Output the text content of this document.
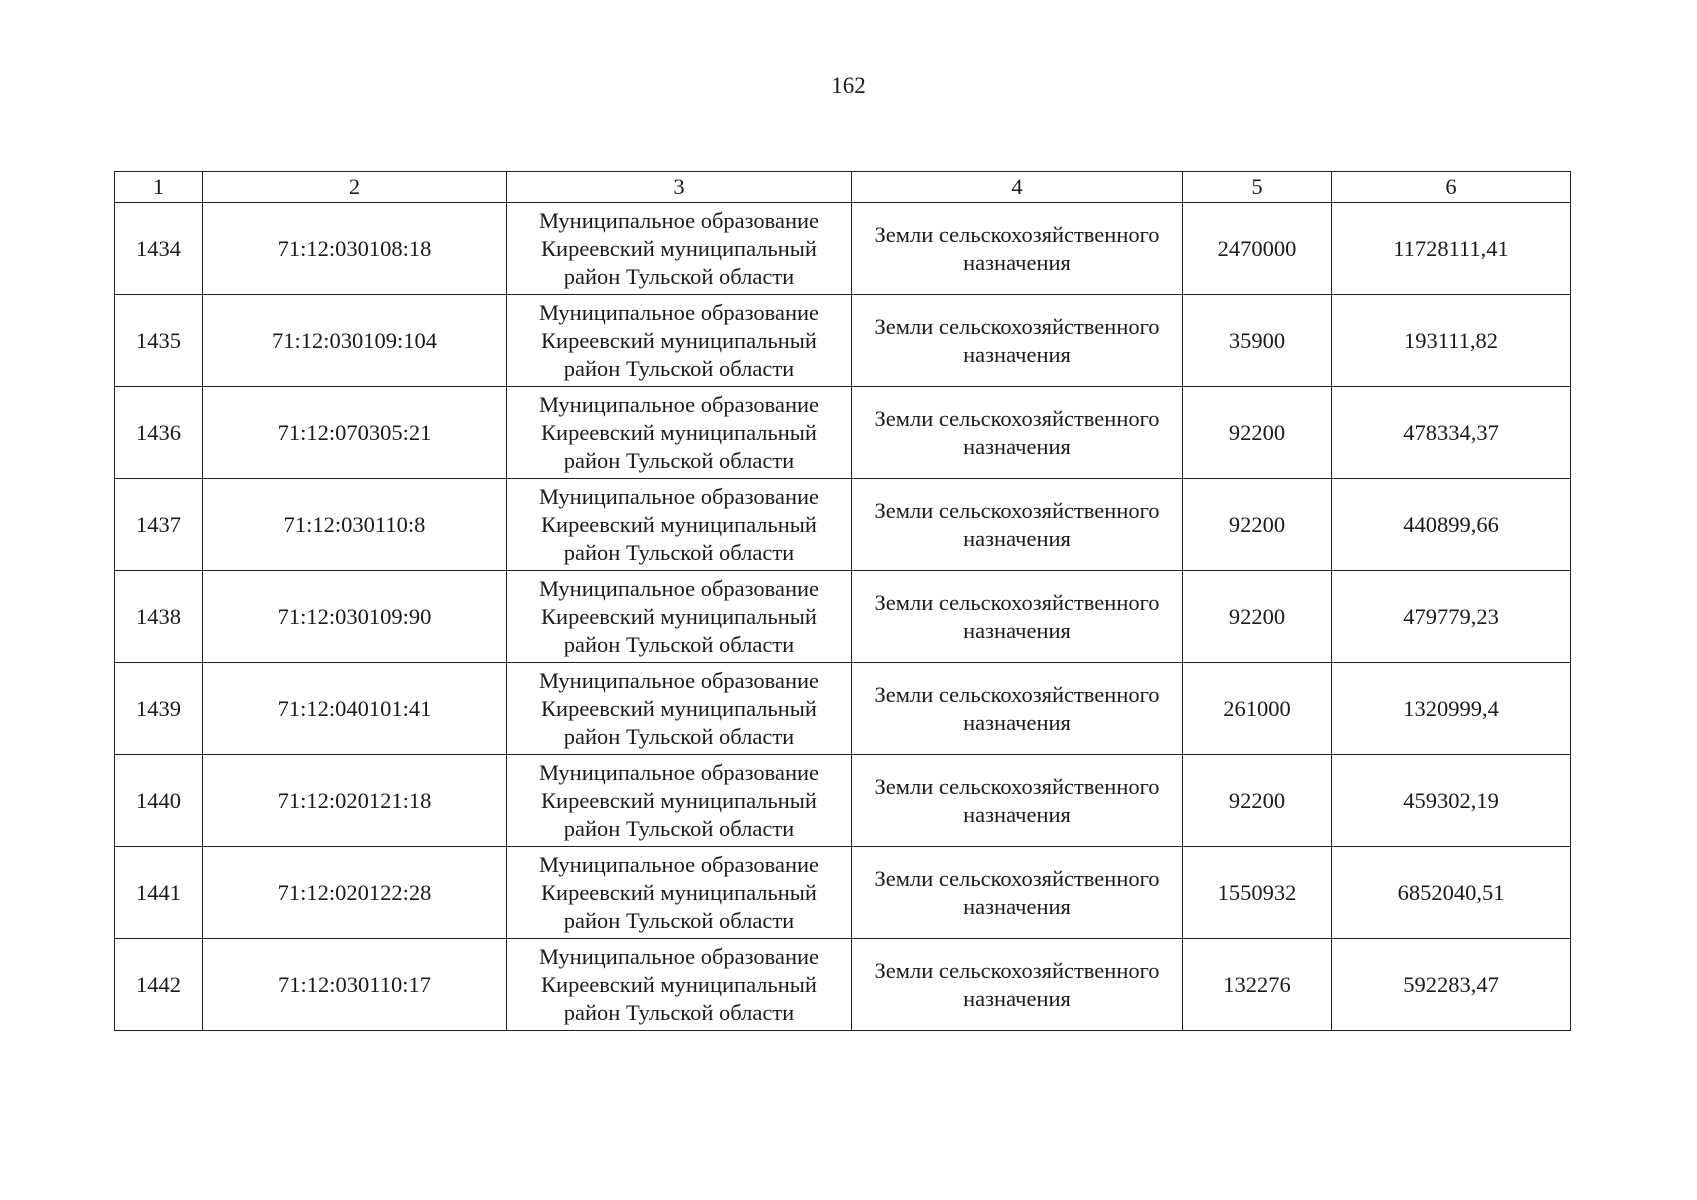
162
1	2	3	4	5	6
1434	71:12:030108:18	Муниципальное образование Киреевский муниципальный район Тульской области	Земли сельскохозяйственного назначения	2470000	11728111,41
1435	71:12:030109:104	Муниципальное образование Киреевский муниципальный район Тульской области	Земли сельскохозяйственного назначения	35900	193111,82
1436	71:12:070305:21	Муниципальное образование Киреевский муниципальный район Тульской области	Земли сельскохозяйственного назначения	92200	478334,37
1437	71:12:030110:8	Муниципальное образование Киреевский муниципальный район Тульской области	Земли сельскохозяйственного назначения	92200	440899,66
1438	71:12:030109:90	Муниципальное образование Киреевский муниципальный район Тульской области	Земли сельскохозяйственного назначения	92200	479779,23
1439	71:12:040101:41	Муниципальное образование Киреевский муниципальный район Тульской области	Земли сельскохозяйственного назначения	261000	1320999,4
1440	71:12:020121:18	Муниципальное образование Киреевский муниципальный район Тульской области	Земли сельскохозяйственного назначения	92200	459302,19
1441	71:12:020122:28	Муниципальное образование Киреевский муниципальный район Тульской области	Земли сельскохозяйственного назначения	1550932	6852040,51
1442	71:12:030110:17	Муниципальное образование Киреевский муниципальный район Тульской области	Земли сельскохозяйственного назначения	132276	592283,47
